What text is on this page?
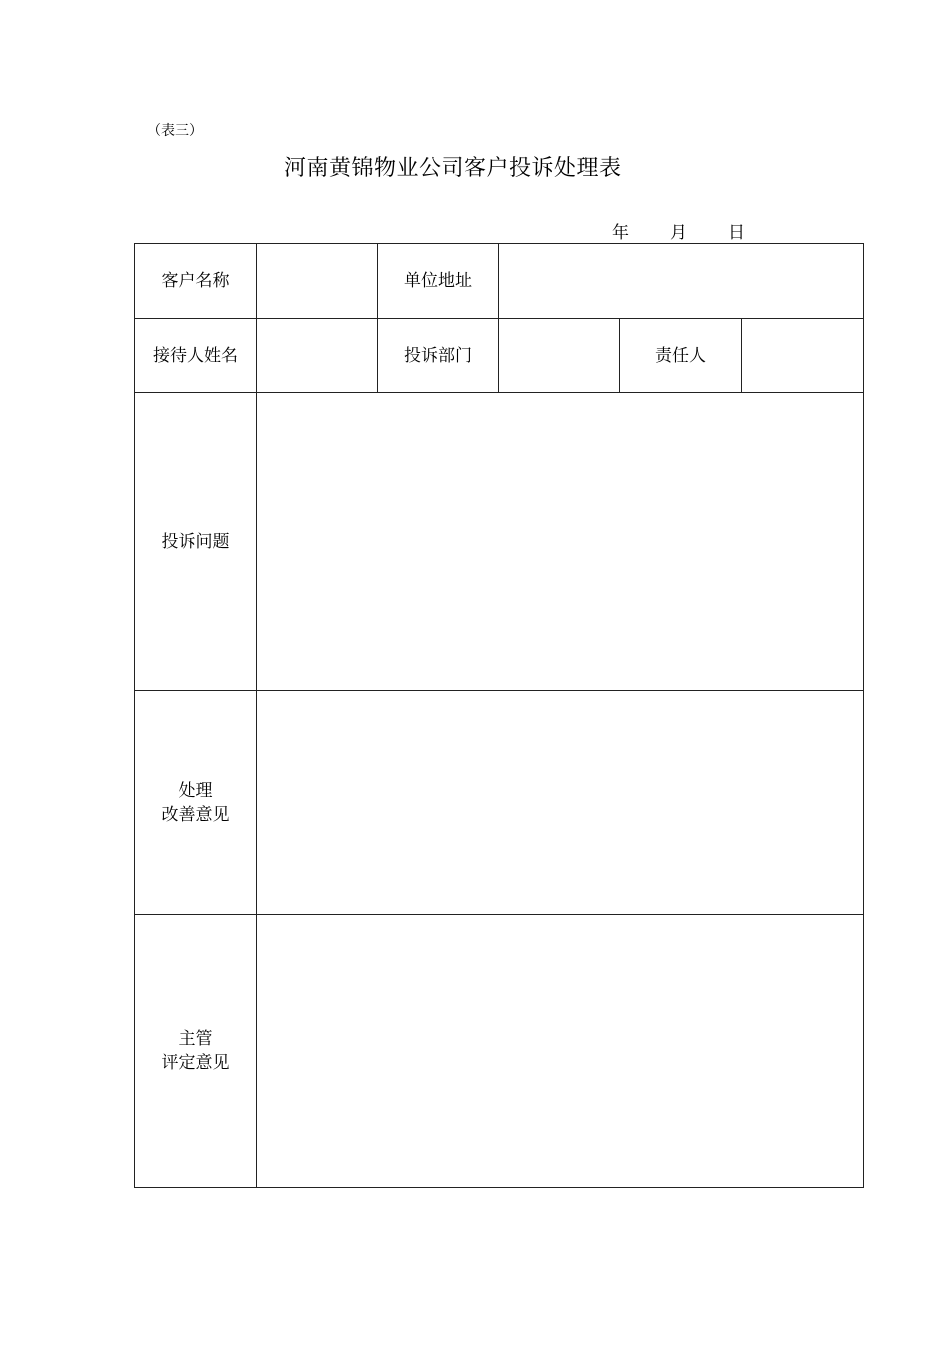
（表三）
河南黄锦物业公司客户投诉处理表
年 月 日
客户名称		单位地址			
接待人姓名		投诉部门		责任人	
投诉问题					

处理
改善意见					

主管
评定意见					
